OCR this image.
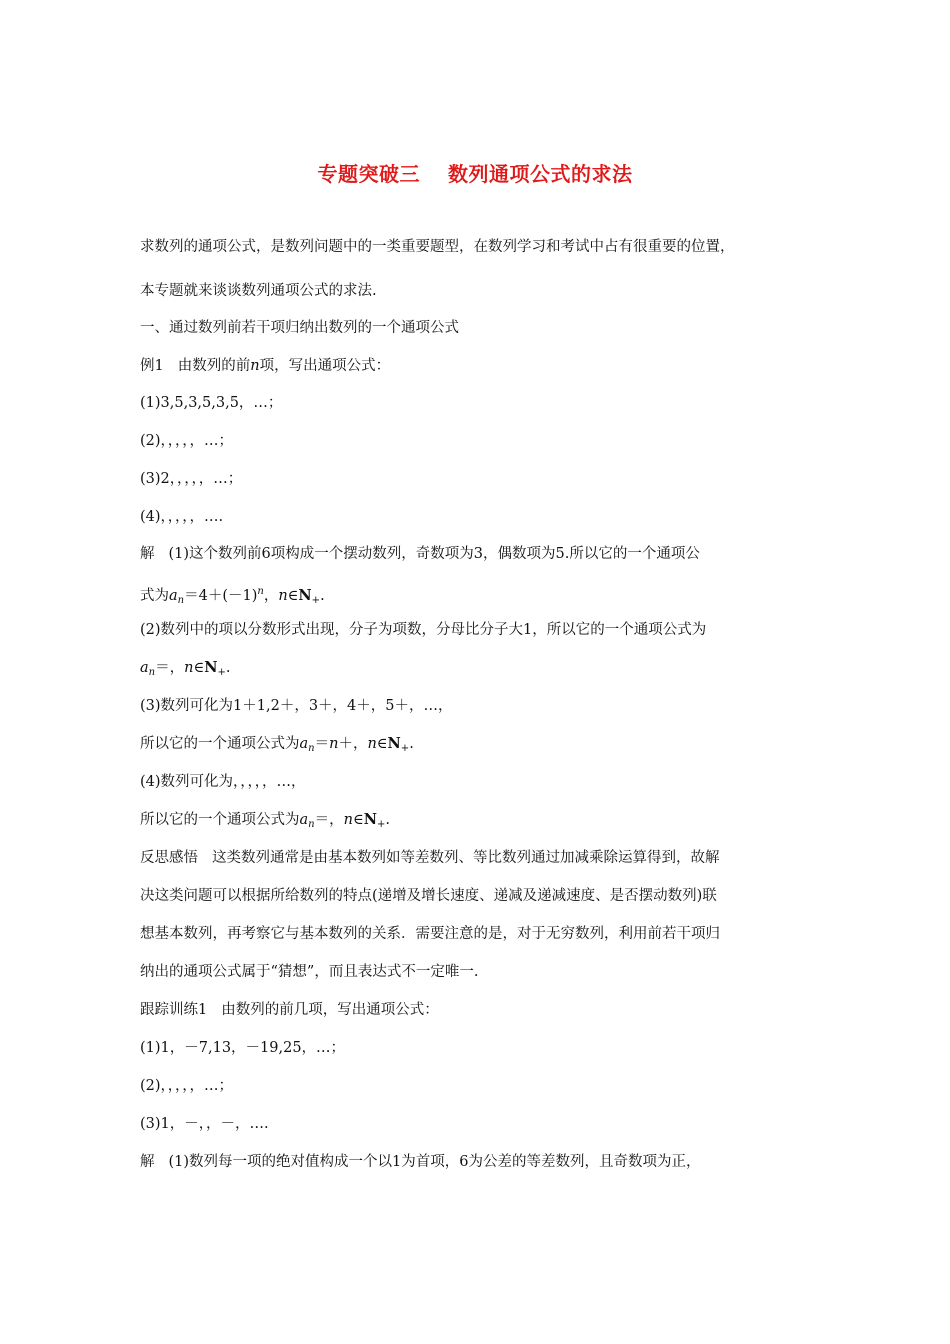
专题突破三 数列通项公式的求法
求数列的通项公式，是数列问题中的一类重要题型，在数列学习和考试中占有很重要的位置，
本专题就来谈谈数列通项公式的求法.
一、通过数列前若干项归纳出数列的一个通项公式
例1 由数列的前n项，写出通项公式：
(1)3,5,3,5,3,5，…；
(2)，，，，，…；
(3)2，，，，，…；
(4)，，，，，….
解 (1)这个数列前6项构成一个摆动数列，奇数项为3，偶数项为5.所以它的一个通项公
式为$a_n=4+(-1)^n$，$n\in N_+$.
(2)数列中的项以分数形式出现，分子为项数，分母比分子大1，所以它的一个通项公式为
$a_n=$，$n\in N_+$.
(3)数列可化为1＋1,2＋，3＋，4＋，5＋，…，
所以它的一个通项公式为$a_n=n+$，$n\in N_+$.
(4)数列可化为，，，，，…，
所以它的一个通项公式为$a_n=$，$n\in N_+$.
反思感悟 这类数列通常是由基本数列如等差数列、等比数列通过加减乘除运算得到，故解
决这类问题可以根据所给数列的特点(递增及增长速度、递减及递减速度、是否摆动数列)联
想基本数列，再考察它与基本数列的关系．需要注意的是，对于无穷数列，利用前若干项归
纳出的通项公式属于“猜想”，而且表达式不一定唯一.
跟踪训练1 由数列的前几项，写出通项公式：
(1)1，－7,13，－19,25，…；
(2)，，，，，…；
(3)1，－，，－，….
解 (1)数列每一项的绝对值构成一个以1为首项，6为公差的等差数列，且奇数项为正，
